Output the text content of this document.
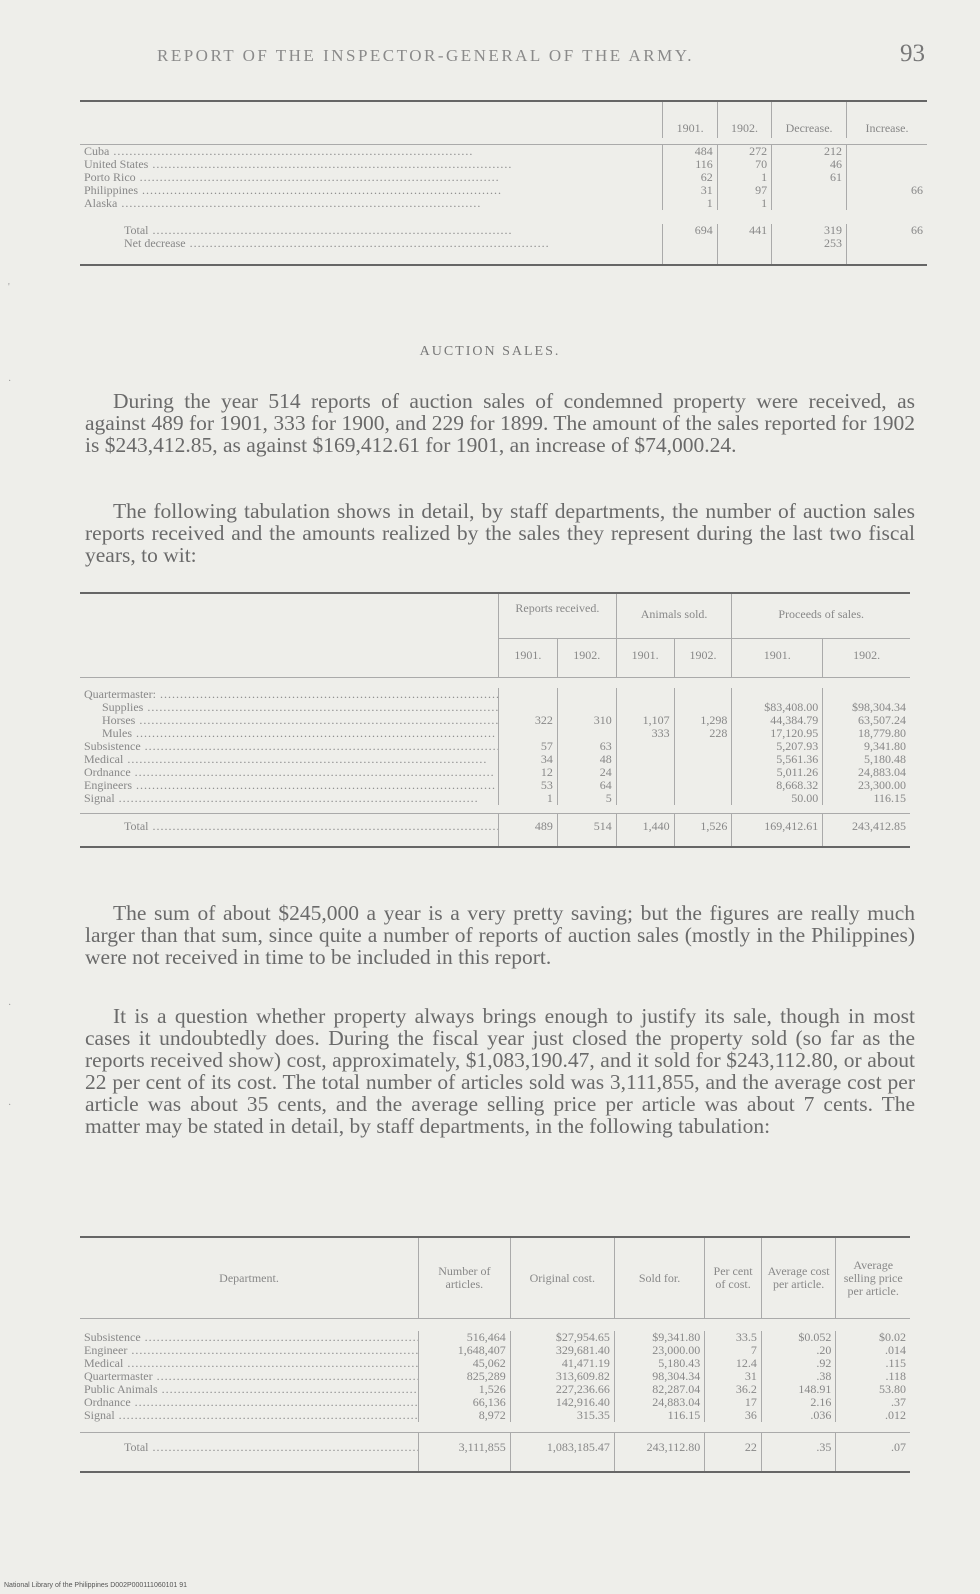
REPORT OF THE INSPECTOR-GENERAL OF THE ARMY.	93
	1901.	1902.	Decrease.	Increase.

Cuba .....	484	272	212	
United States .....	116	70	46	
Porto Rico .....	62	1	61	
Philippines .....	31	97		66
Alaska .....	1	1		

Total .....	694	441	319	66
Net decrease .....			253	
AUCTION SALES.

During the year 514 reports of auction sales of condemned property were received, as against 489 for 1901, 333 for 1900, and 229 for 1899. The amount of the sales reported for 1902 is $243,412.85, as against $169,412.61 for 1901, an increase of $74,000.24.

The following tabulation shows in detail, by staff departments, the number of auction sales reports received and the amounts realized by the sales they represent during the last two fiscal years, to wit:

	Reports received.		Animals sold.		Proceeds of sales.	
	1901.	1902.	1901.	1902.	1901.	1902.

Quartermaster: .....						
Supplies .....					$83,408.00	$98,304.34
Horses .....	322	310	1,107	1,298	44,384.79	63,507.24
Mules .....			333	228	17,120.95	18,779.80
Subsistence .....	57	63			5,207.93	9,341.80
Medical .....	34	48			5,561.36	5,180.48
Ordnance .....	12	24			5,011.26	24,883.04
Engineers .....	53	64			8,668.32	23,300.00
Signal .....	1	5			50.00	116.15

Total .....	489	514	1,440	1,526	169,412.61	243,412.85

The sum of about $245,000 a year is a very pretty saving; but the figures are really much larger than that sum, since quite a number of reports of auction sales (mostly in the Philippines) were not received in time to be included in this report.

It is a question whether property always brings enough to justify its sale, though in most cases it undoubtedly does. During the fiscal year just closed the property sold (so far as the reports received show) cost, approximately, $1,083,190.47, and it sold for $243,112.80, or about 22 per cent of its cost. The total number of articles sold was 3,111,855, and the average cost per article was about 35 cents, and the average selling price per article was about 7 cents. The matter may be stated in detail, by staff departments, in the following tabulation:

Department.	Number of articles.	Original cost.	Sold for.	Per cent of cost.	Average cost per article.	Average selling price per article.

Subsistence .....	516,464	$27,954.65	$9,341.80	33.5	$0.052	$0.02
Engineer .....	1,648,407	329,681.40	23,000.00	7	.20	.014
Medical .....	45,062	41,471.19	5,180.43	12.4	.92	.115
Quartermaster .....	825,289	313,609.82	98,304.34	31	.38	.118
Public Animals .....	1,526	227,236.66	82,287.04	36.2	148.91	53.80
Ordnance .....	66,136	142,916.40	24,883.04	17	2.16	.37
Signal .....	8,972	315.35	116.15	36	.036	.012

Total .....	3,111,855	1,083,185.47	243,112.80	22	.35	.07
National Library of the Philippines D002P000111060101 91
'
·
·
·
